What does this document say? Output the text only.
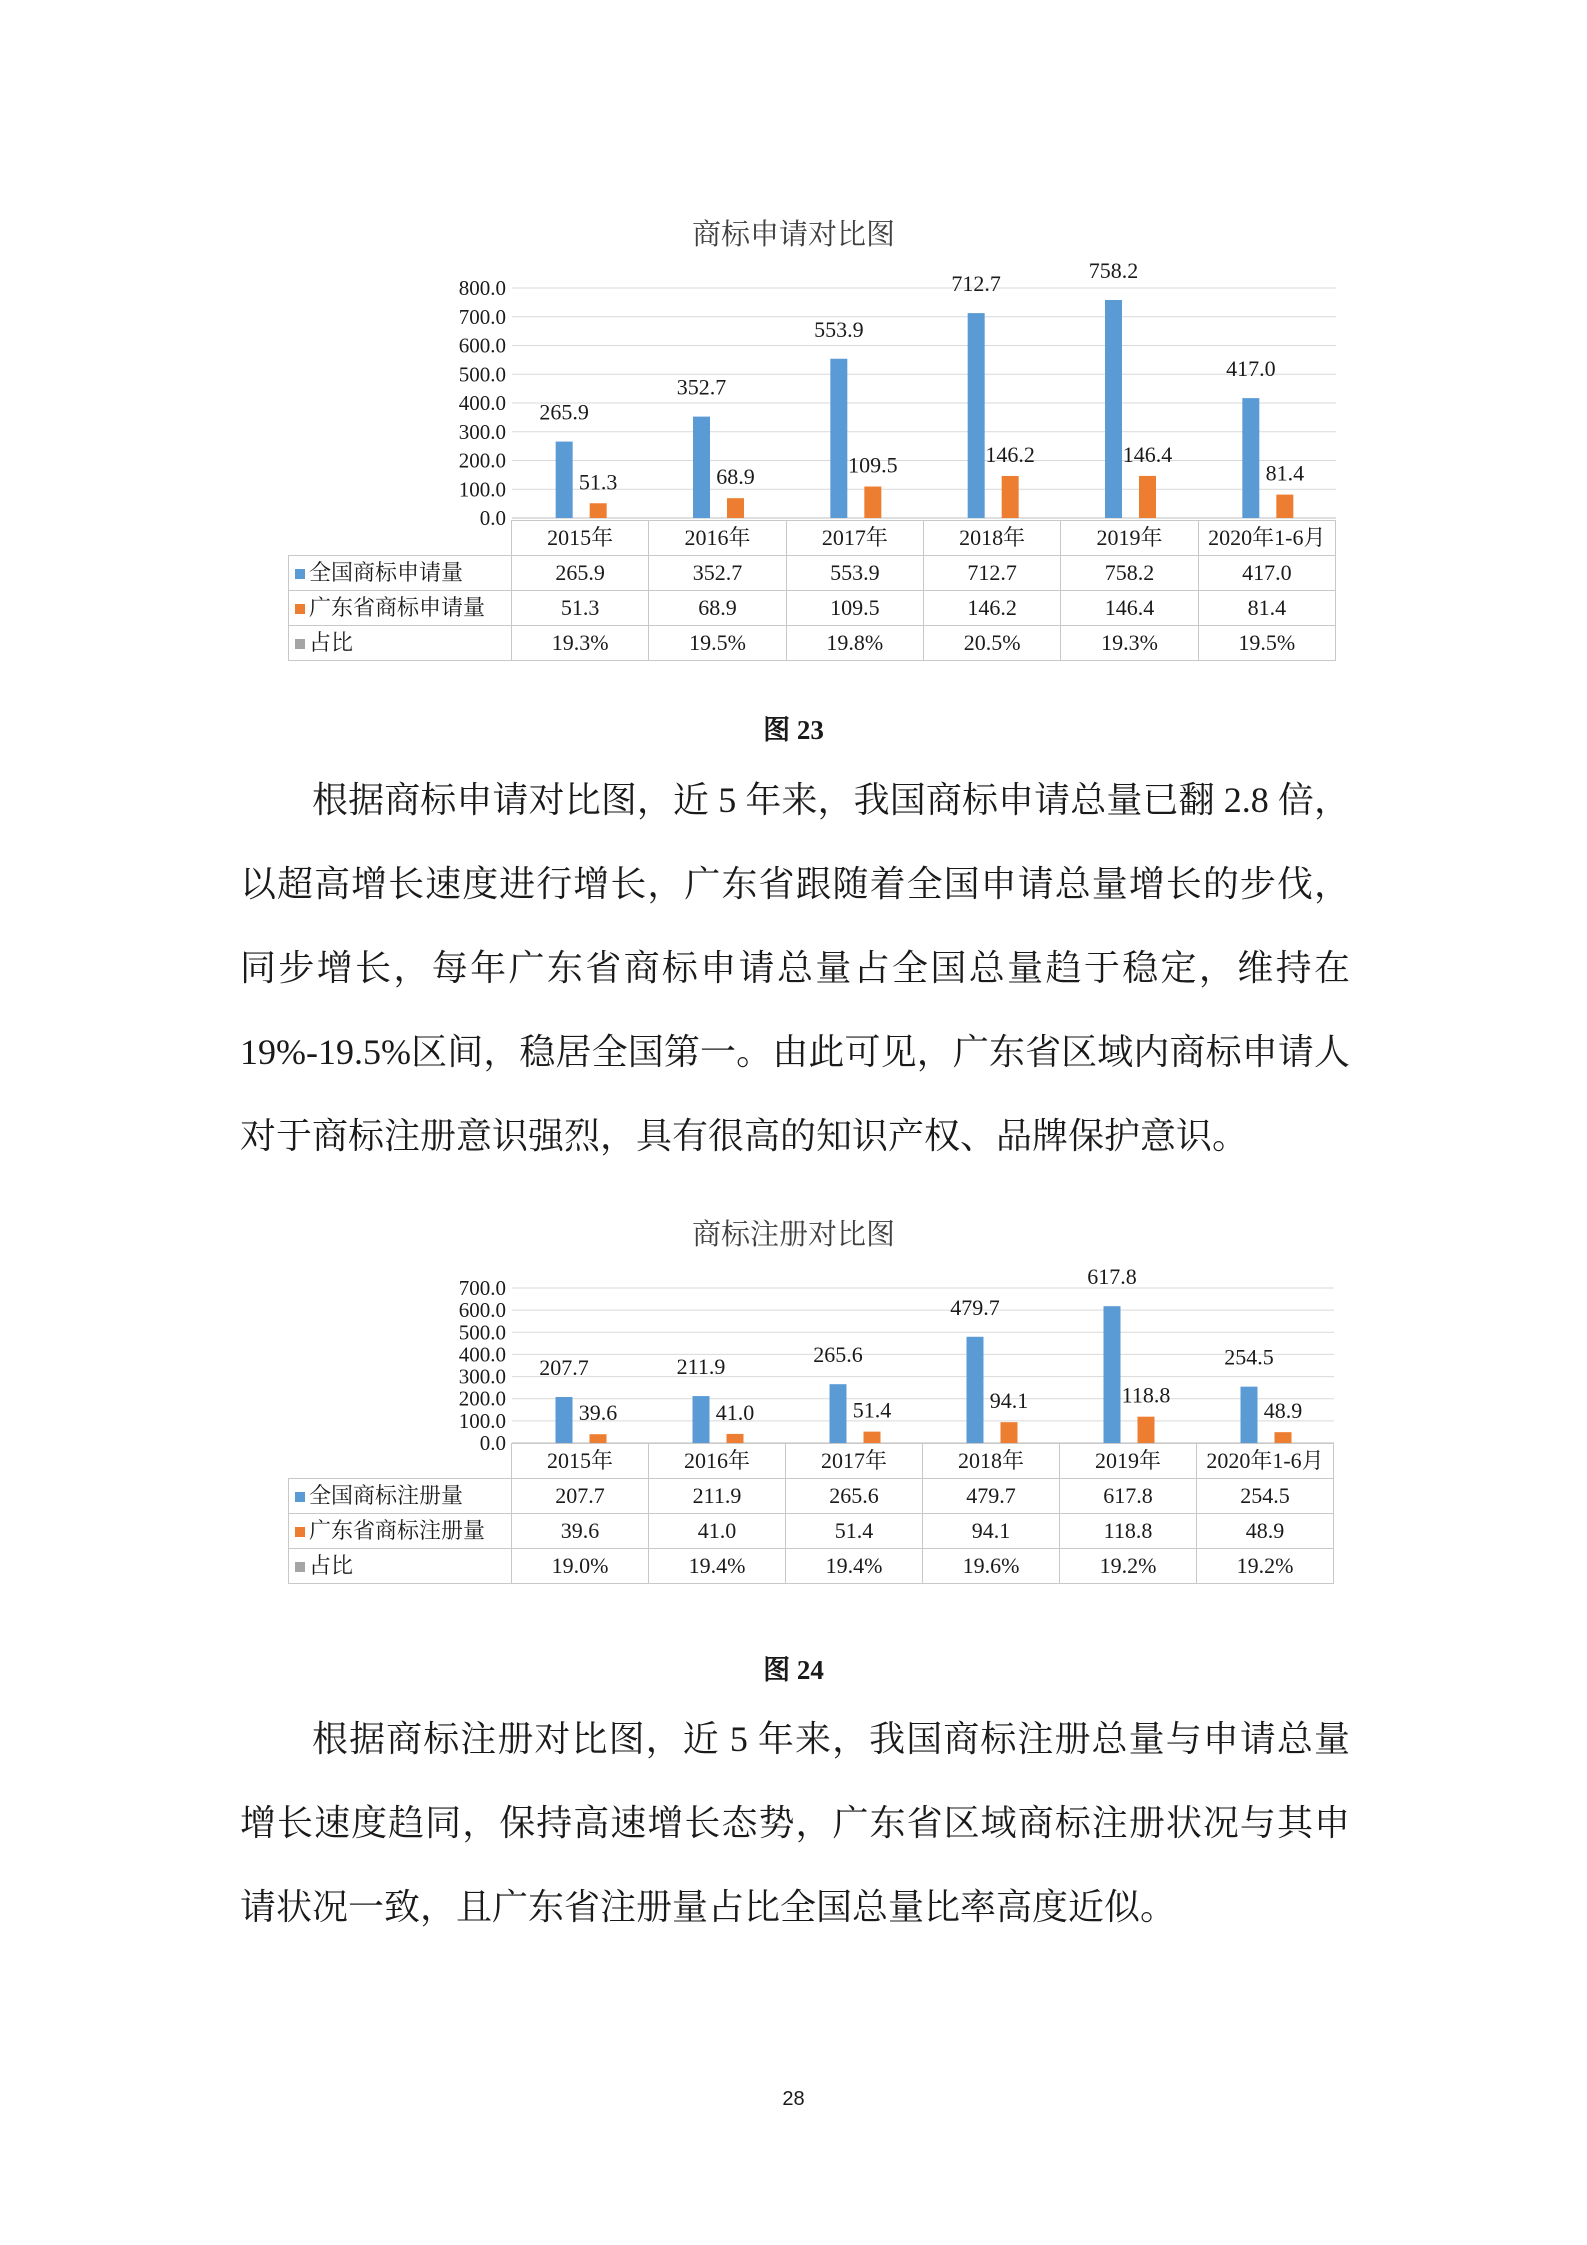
商标申请对比图
0.0
100.0
200.0
300.0
400.0
500.0
600.0
700.0
800.0
265.9
51.3
352.7
68.9
553.9
109.5
712.7
146.2
758.2
146.4
417.0
81.4
	2015年	2016年	2017年	2018年	2019年	2020年1-6月
全国商标申请量	265.9	352.7	553.9	712.7	758.2	417.0
广东省商标申请量	51.3	68.9	109.5	146.2	146.4	81.4
占比	19.3%	19.5%	19.8%	20.5%	19.3%	19.5%
图 23

根据商标申请对比图，近 5 年来，我国商标申请总量已翻 2.8 倍，以超高增长速度进行增长，广东省跟随着全国申请总量增长的步伐，同步增长，每年广东省商标申请总量占全国总量趋于稳定，维持在 19%-19.5%区间，稳居全国第一。由此可见，广东省区域内商标申请人对于商标注册意识强烈，具有很高的知识产权、品牌保护意识。

商标注册对比图
0.0
100.0
200.0
300.0
400.0
500.0
600.0
700.0
207.7
39.6
211.9
41.0
265.6
51.4
479.7
94.1
617.8
118.8
254.5
48.9
	2015年	2016年	2017年	2018年	2019年	2020年1-6月
全国商标注册量	207.7	211.9	265.6	479.7	617.8	254.5
广东省商标注册量	39.6	41.0	51.4	94.1	118.8	48.9
占比	19.0%	19.4%	19.4%	19.6%	19.2%	19.2%
图 24

根据商标注册对比图，近 5 年来，我国商标注册总量与申请总量增长速度趋同，保持高速增长态势，广东省区域商标注册状况与其申请状况一致，且广东省注册量占比全国总量比率高度近似。

28
